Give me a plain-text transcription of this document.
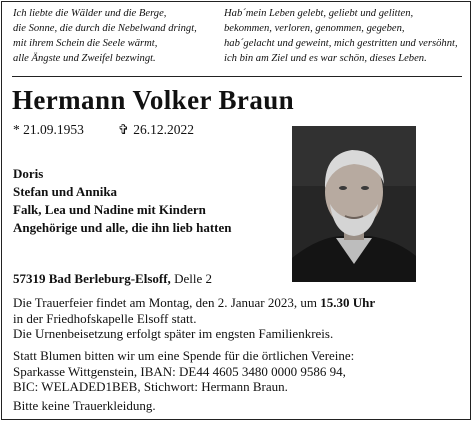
Ich liebte die Wälder und die Berge,
die Sonne, die durch die Nebelwand dringt,
mit ihrem Schein die Seele wärmt,
alle Ängste und Zweifel bezwingt.
Hab´mein Leben gelebt, geliebt und gelitten,
bekommen, verloren, genommen, gegeben,
hab´gelacht und geweint, mich gestritten und versöhnt,
ich bin am Ziel und es war schön, dieses Leben.
Hermann Volker Braun
* 21.09.1953	✞ 26.12.2022
Doris
Stefan und Annika
Falk, Lea und Nadine mit Kindern
Angehörige und alle, die ihn lieb hatten
57319 Bad Berleburg-Elsoff, Delle 2
Die Trauerfeier findet am Montag, den 2. Januar 2023, um 15.30 Uhr
in der Friedhofskapelle Elsoff statt.
Die Urnenbeisetzung erfolgt später im engsten Familienkreis.
Statt Blumen bitten wir um eine Spende für die örtlichen Vereine:
Sparkasse Wittgenstein, IBAN: DE44 4605 3480 0000 9586 94,
BIC: WELADED1BEB, Stichwort: Hermann Braun.
Bitte keine Trauerkleidung.
